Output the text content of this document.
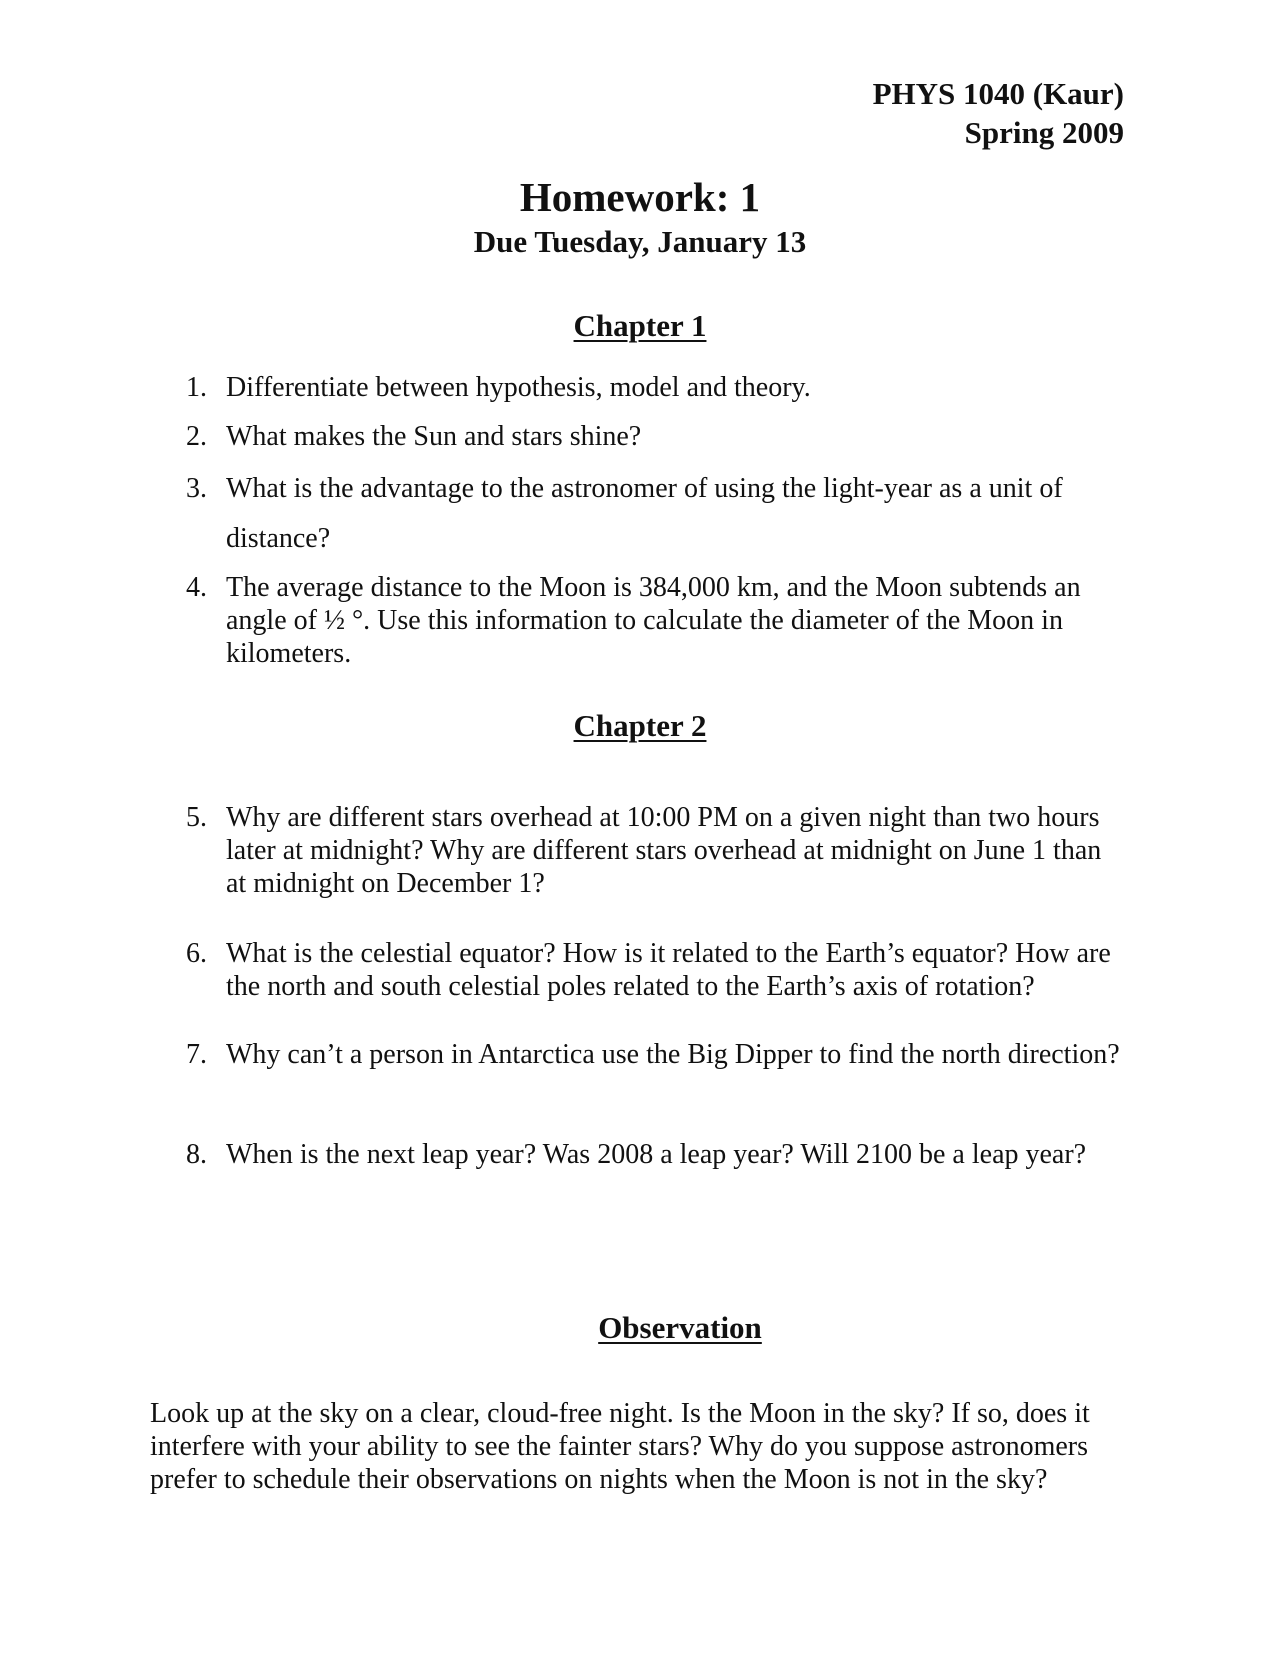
PHYS 1040 (Kaur)
Spring 2009
Homework: 1
Due Tuesday, January 13
Chapter 1
1. Differentiate between hypothesis, model and theory.
2. What makes the Sun and stars shine?
3. What is the advantage to the astronomer of using the light-year as a unit of distance?
4. The average distance to the Moon is 384,000 km, and the Moon subtends an angle of ½ °. Use this information to calculate the diameter of the Moon in kilometers.
Chapter 2
5. Why are different stars overhead at 10:00 PM on a given night than two hours later at midnight? Why are different stars overhead at midnight on June 1 than at midnight on December 1?
6. What is the celestial equator? How is it related to the Earth’s equator? How are the north and south celestial poles related to the Earth’s axis of rotation?
7. Why can’t a person in Antarctica use the Big Dipper to find the north direction?
8. When is the next leap year? Was 2008 a leap year? Will 2100 be a leap year?
Observation
Look up at the sky on a clear, cloud-free night. Is the Moon in the sky? If so, does it interfere with your ability to see the fainter stars? Why do you suppose astronomers prefer to schedule their observations on nights when the Moon is not in the sky?
